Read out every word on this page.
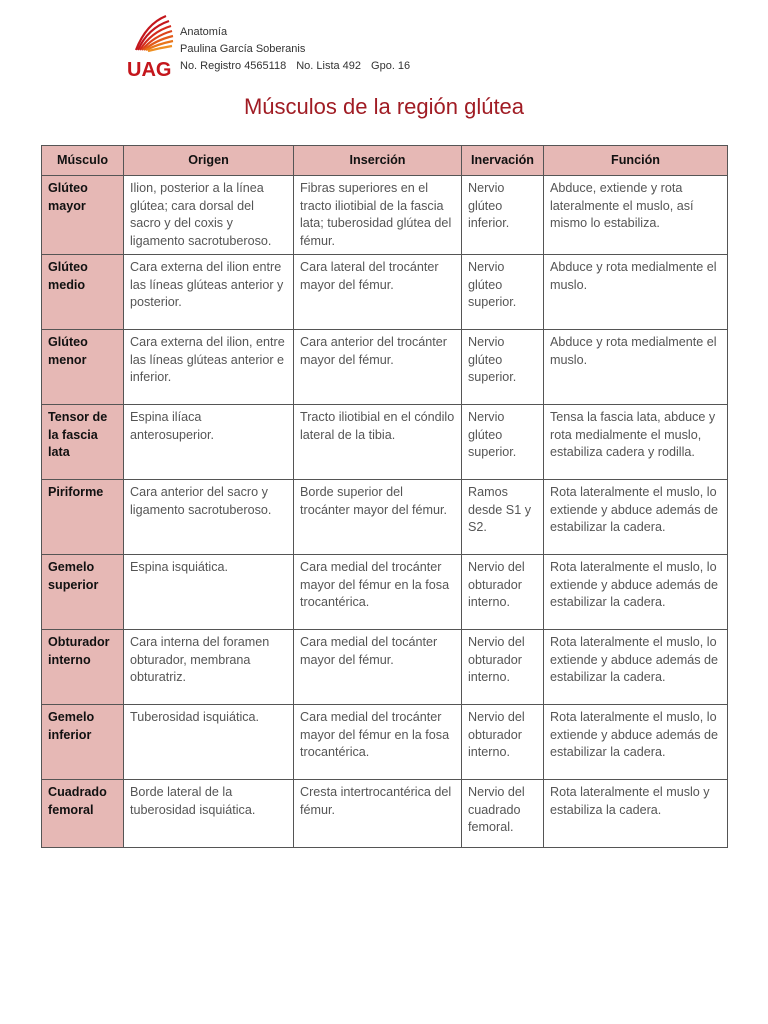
UAG
Anatomía
Paulina García Soberanis
No. Registro 4565118 No. Lista 492 Gpo. 16
Músculos de la región glútea
Músculo	Origen	Inserción	Inervación	Función
Glúteo mayor	Ilion, posterior a la línea glútea; cara dorsal del sacro y del coxis y ligamento sacrotuberoso.	Fibras superiores en el tracto iliotibial de la fascia lata; tuberosidad glútea del fémur.	Nervio glúteo inferior.	Abduce, extiende y rota lateralmente el muslo, así mismo lo estabiliza.
Glúteo medio	Cara externa del ilion entre las líneas glúteas anterior y posterior.	Cara lateral del trocánter mayor del fémur.	Nervio glúteo superior.	Abduce y rota medialmente el muslo.
Glúteo menor	Cara externa del ilion, entre las líneas glúteas anterior e inferior.	Cara anterior del trocánter mayor del fémur.	Nervio glúteo superior.	Abduce y rota medialmente el muslo.
Tensor de la fascia lata	Espina ilíaca anterosuperior.	Tracto iliotibial en el cóndilo lateral de la tibia.	Nervio glúteo superior.	Tensa la fascia lata, abduce y rota medialmente el muslo, estabiliza cadera y rodilla.
Piriforme	Cara anterior del sacro y ligamento sacrotuberoso.	Borde superior del trocánter mayor del fémur.	Ramos desde S1 y S2.	Rota lateralmente el muslo, lo extiende y abduce además de estabilizar la cadera.
Gemelo superior	Espina isquiática.	Cara medial del trocánter mayor del fémur en la fosa trocantérica.	Nervio del obturador interno.	Rota lateralmente el muslo, lo extiende y abduce además de estabilizar la cadera.
Obturador interno	Cara interna del foramen obturador, membrana obturatriz.	Cara medial del tocánter mayor del fémur.	Nervio del obturador interno.	Rota lateralmente el muslo, lo extiende y abduce además de estabilizar la cadera.
Gemelo inferior	Tuberosidad isquiática.	Cara medial del trocánter mayor del fémur en la fosa trocantérica.	Nervio del obturador interno.	Rota lateralmente el muslo, lo extiende y abduce además de estabilizar la cadera.
Cuadrado femoral	Borde lateral de la tuberosidad isquiática.	Cresta intertrocantérica del fémur.	Nervio del cuadrado femoral.	Rota lateralmente el muslo y estabiliza la cadera.
